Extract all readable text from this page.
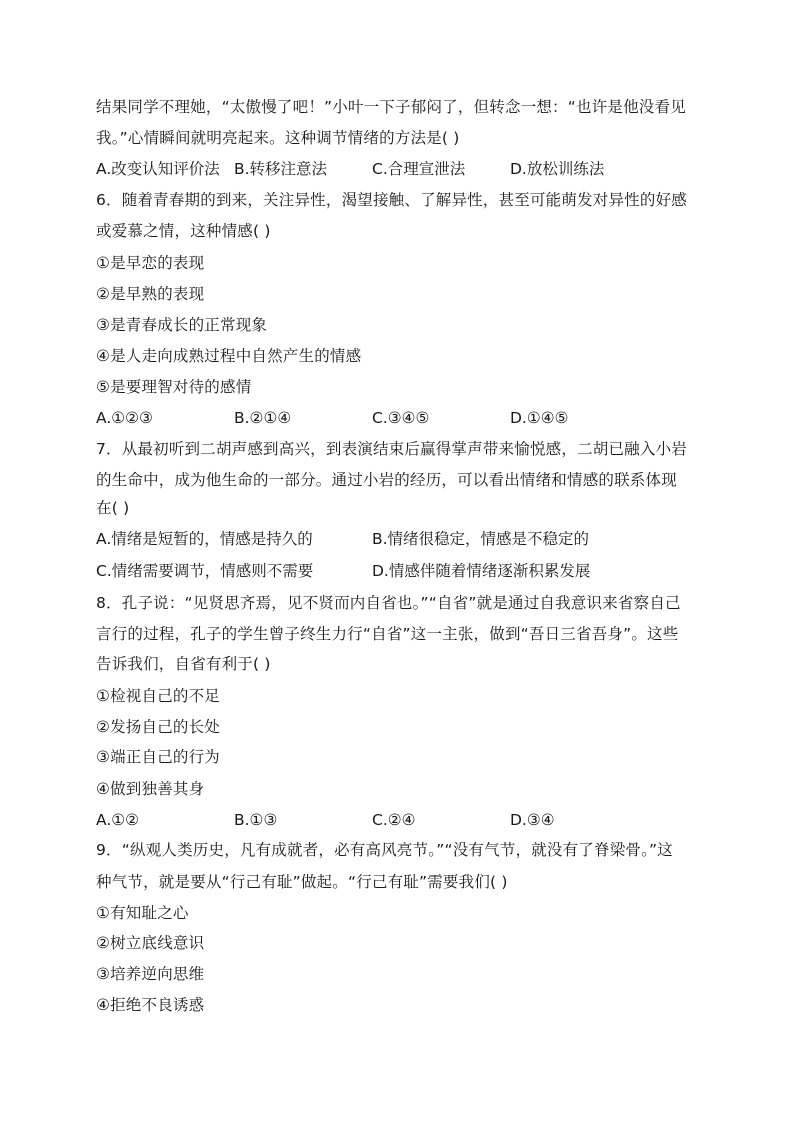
结果同学不理她，“太傲慢了吧！”小叶一下子郁闷了，但转念一想：“也许是他没看见
我。”心情瞬间就明亮起来。这种调节情绪的方法是( )
A.改变认知评价法 B.转移注意法	C.合理宣泄法	D.放松训练法
6．随着青春期的到来，关注异性，渴望接触、了解异性，甚至可能萌发对异性的好感
或爱慕之情，这种情感( )
①是早恋的表现
②是早熟的表现
③是青春成长的正常现象
④是人走向成熟过程中自然产生的情感
⑤是要理智对待的感情
A.①②③	B.②①④	C.③④⑤	D.①④⑤
7．从最初听到二胡声感到高兴，到表演结束后赢得掌声带来愉悦感，二胡已融入小岩
的生命中，成为他生命的一部分。通过小岩的经历，可以看出情绪和情感的联系体现
在( )
A.情绪是短暂的，情感是持久的	B.情绪很稳定，情感是不稳定的
C.情绪需要调节，情感则不需要	D.情感伴随着情绪逐渐积累发展
8．孔子说：“见贤思齐焉，见不贤而内自省也。”“自省”就是通过自我意识来省察自己
言行的过程，孔子的学生曾子终生力行“自省”这一主张，做到“吾日三省吾身”。这些
告诉我们，自省有利于( )
①检视自己的不足
②发扬自己的长处
③端正自己的行为
④做到独善其身
A.①②	B.①③	C.②④	D.③④
9．“纵观人类历史，凡有成就者，必有高风亮节。”“没有气节，就没有了脊梁骨。”这
种气节，就是要从“行己有耻”做起。“行己有耻”需要我们( )
①有知耻之心
②树立底线意识
③培养逆向思维
④拒绝不良诱惑
